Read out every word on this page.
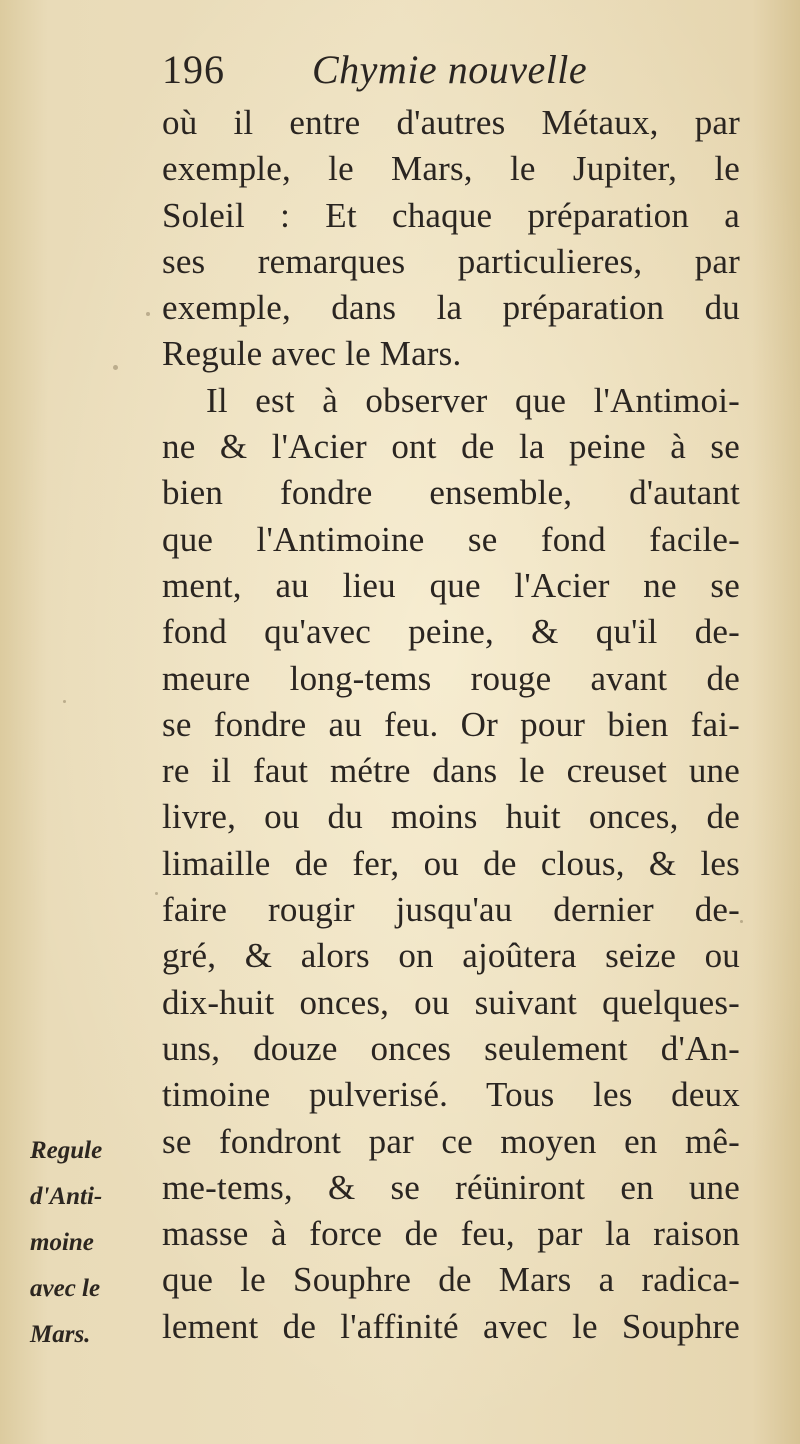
196 Chymie nouvelle
où il entre d'autres Métaux, par
exemple, le Mars, le Jupiter, le
Soleil : Et chaque préparation a
ses remarques particulieres, par
exemple, dans la préparation du
Regule avec le Mars.
Il est à observer que l'Antimoi-
ne & l'Acier ont de la peine à se
bien fondre ensemble, d'autant
que l'Antimoine se fond facile-
ment, au lieu que l'Acier ne se
fond qu'avec peine, & qu'il de-
meure long-tems rouge avant de
se fondre au feu. Or pour bien fai-
re il faut métre dans le creuset une
livre, ou du moins huit onces, de
limaille de fer, ou de clous, & les
faire rougir jusqu'au dernier de-
gré, & alors on ajoûtera seize ou
dix-huit onces, ou suivant quelques-
uns, douze onces seulement d'An-
timoine pulverisé. Tous les deux
se fondront par ce moyen en mê-
me-tems, & se réüniront en une
masse à force de feu, par la raison
que le Souphre de Mars a radica-
lement de l'affinité avec le Souphre
Regule
d'Anti-
moine
avec le
Mars.
